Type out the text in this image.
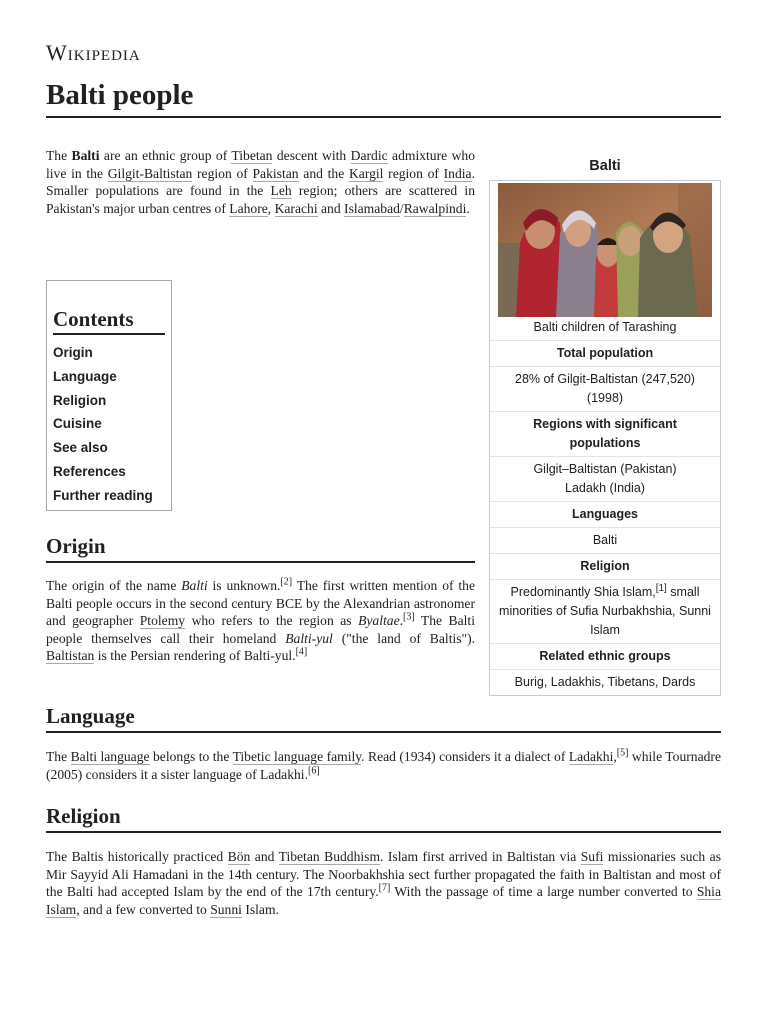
Wikipedia
Balti people

The Balti are an ethnic group of Tibetan descent with Dardic admixture who live in the Gilgit-Baltistan region of Pakistan and the Kargil region of India. Smaller populations are found in the Leh region; others are scattered in Pakistan's major urban centres of Lahore, Karachi and Islamabad/Rawalpindi.

Contents
Origin
Language
Religion
Cuisine
See also
References
Further reading
Balti
Balti children of Tarashing
Total population
28% of Gilgit-Baltistan (247,520) (1998)
Regions with significant populations
Gilgit–Baltistan (Pakistan)
Ladakh (India)
Languages
Balti
Religion
Predominantly Shia Islam,[1] small minorities of Sufia Nurbakhshia, Sunni Islam
Related ethnic groups
Burig, Ladakhis, Tibetans, Dards
Origin

The origin of the name Balti is unknown.[2] The first written mention of the Balti people occurs in the second century BCE by the Alexandrian astronomer and geographer Ptolemy who refers to the region as Byaltae.[3] The Balti people themselves call their homeland Balti-yul ("the land of Baltis"). Baltistan is the Persian rendering of Balti-yul.[4]

Language

The Balti language belongs to the Tibetic language family. Read (1934) considers it a dialect of Ladakhi,[5] while Tournadre (2005) considers it a sister language of Ladakhi.[6]

Religion

The Baltis historically practiced Bön and Tibetan Buddhism. Islam first arrived in Baltistan via Sufi missionaries such as Mir Sayyid Ali Hamadani in the 14th century. The Noorbakhshia sect further propagated the faith in Baltistan and most of the Balti had accepted Islam by the end of the 17th century.[7] With the passage of time a large number converted to Shia Islam, and a few converted to Sunni Islam.
